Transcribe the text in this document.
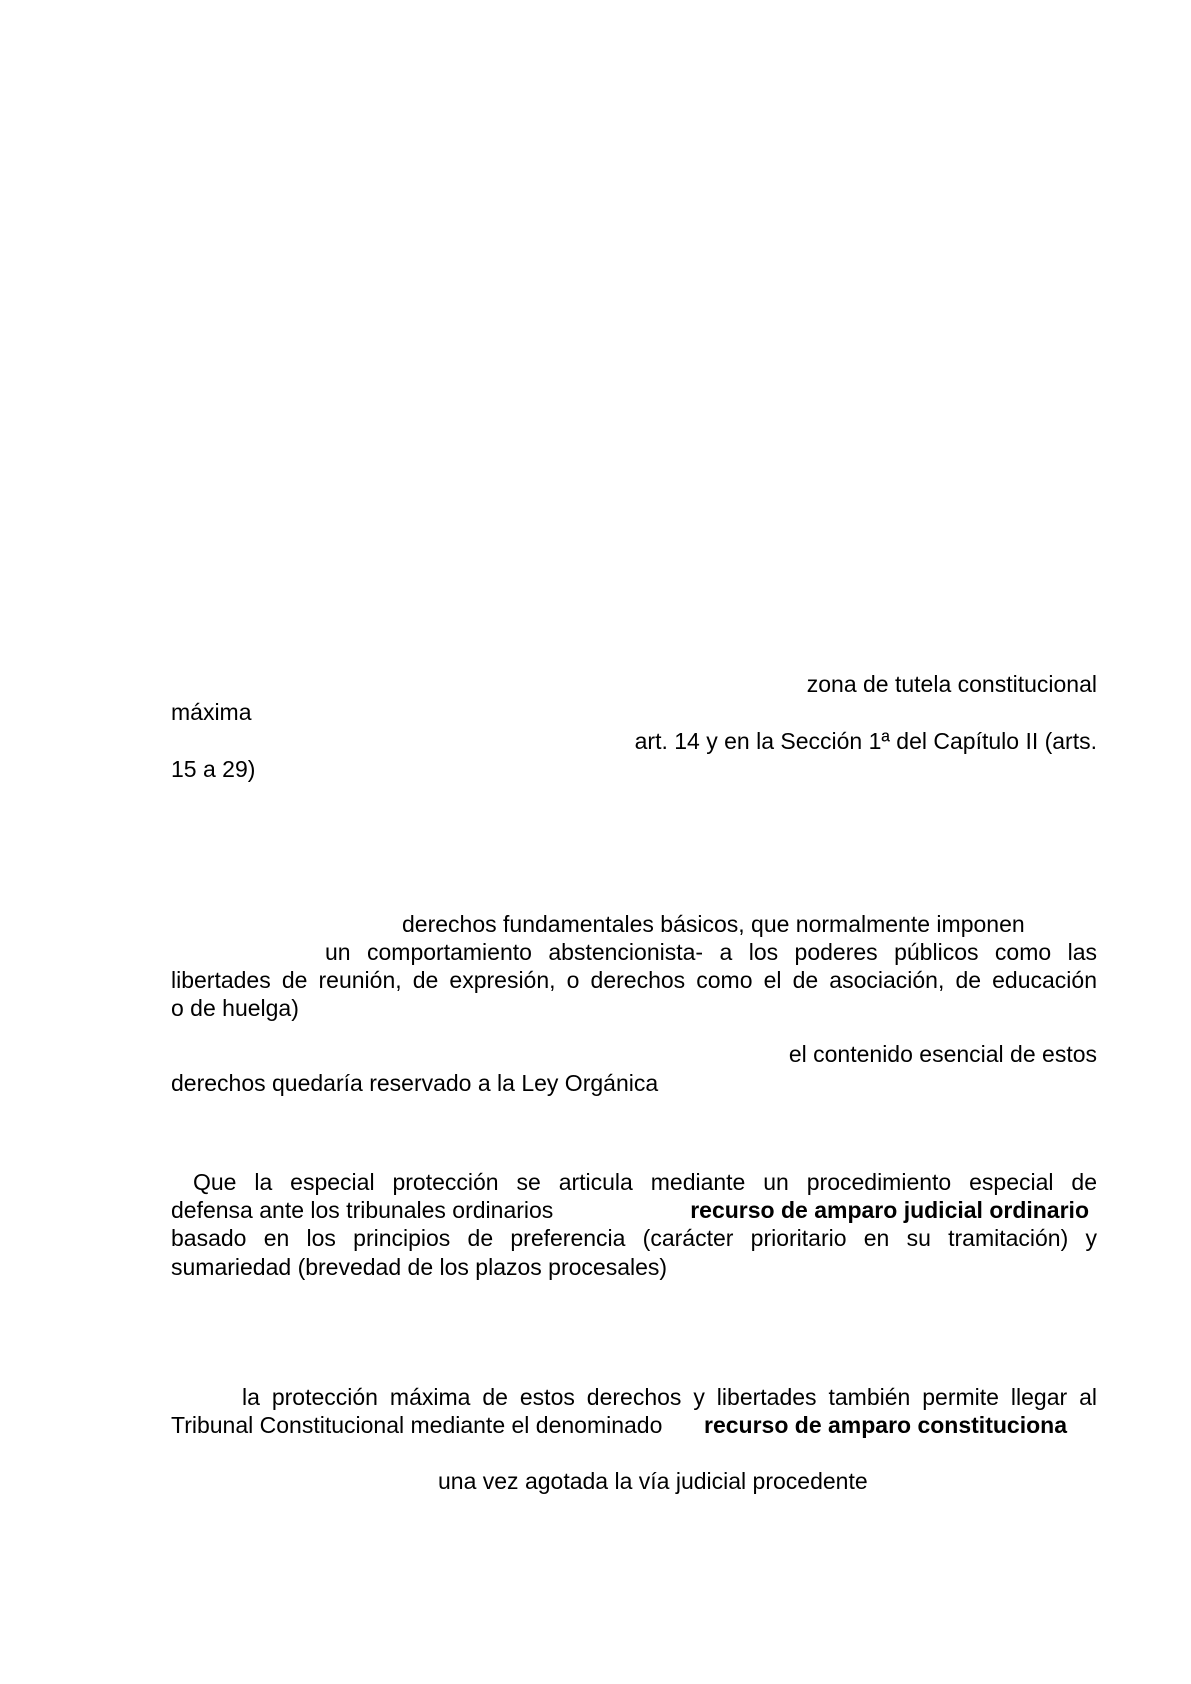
zona de tutela constitucional

máxima

art. 14 y en la Sección 1ª del Capítulo II (arts.

15 a 29)

derechos fundamentales básicos, que normalmente imponen

un comportamiento abstencionista- a los poderes públicos como las

libertades de reunión, de expresión, o derechos como el de asociación, de educación

o de huelga)

el contenido esencial de estos

derechos quedaría reservado a la Ley Orgánica

Que la especial protección se articula mediante un procedimiento especial de

defensa ante los tribunales ordinarios	recurso de amparo judicial ordinario

basado en los principios de preferencia (carácter prioritario en su tramitación) y

sumariedad (brevedad de los plazos procesales)

la protección máxima de estos derechos y libertades también permite llegar al

Tribunal Constitucional mediante el denominado recurso de amparo constituciona

una vez agotada la vía judicial procedente
